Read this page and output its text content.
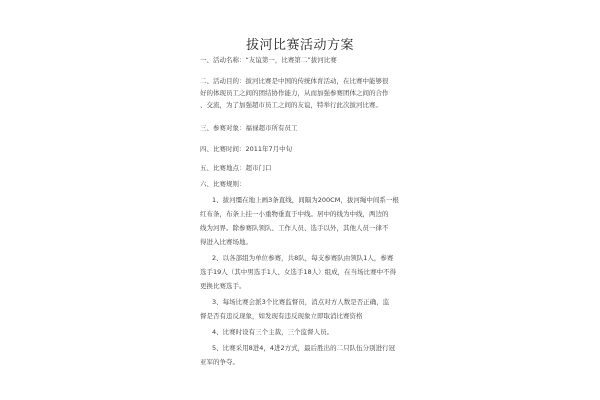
拔河比赛活动方案
一、活动名称：“友谊第一，比赛第二”拔河比赛
二、活动目的：拔河比赛是中国的传统体育活动，在比赛中能够很
好的体现员工之间的团结协作能力，从而加强参赛团体之间的合作
、交流，为了加强超市员工之间的友谊，特举行此次拔河比赛。
三、参赛对象：福禄超市所有员工
四、比赛时间：2011年7月中旬
五、比赛地点：超市门口
六、比赛规则：
1、拔河缰在地上画3条直线，间隔为200CM，拔河绳中间系一根
红布条，布条上挂一小重物垂直于中线。居中的线为中线，两边的
线为河界。除参赛队领队、工作人员、选手以外，其他人员一律不
得进入比赛场地。
2、以各部组为单位参赛，共8队，每支参赛队由领队1人，参赛
选手19人（其中男选手1人、女选手18人）组成，在当场比赛中不得
更换比赛选手。
3、每场比赛会派3个比赛监督员，消点对方人数是否正确，监
督是否有违反现象，如发现有违反现象立即取消比赛资格
4、比赛时设有三个主裁，三个监督人员。
5、比赛采用8进4，4进2方式，最后胜出的二只队伍分别进行冠
亚军的争夺。
